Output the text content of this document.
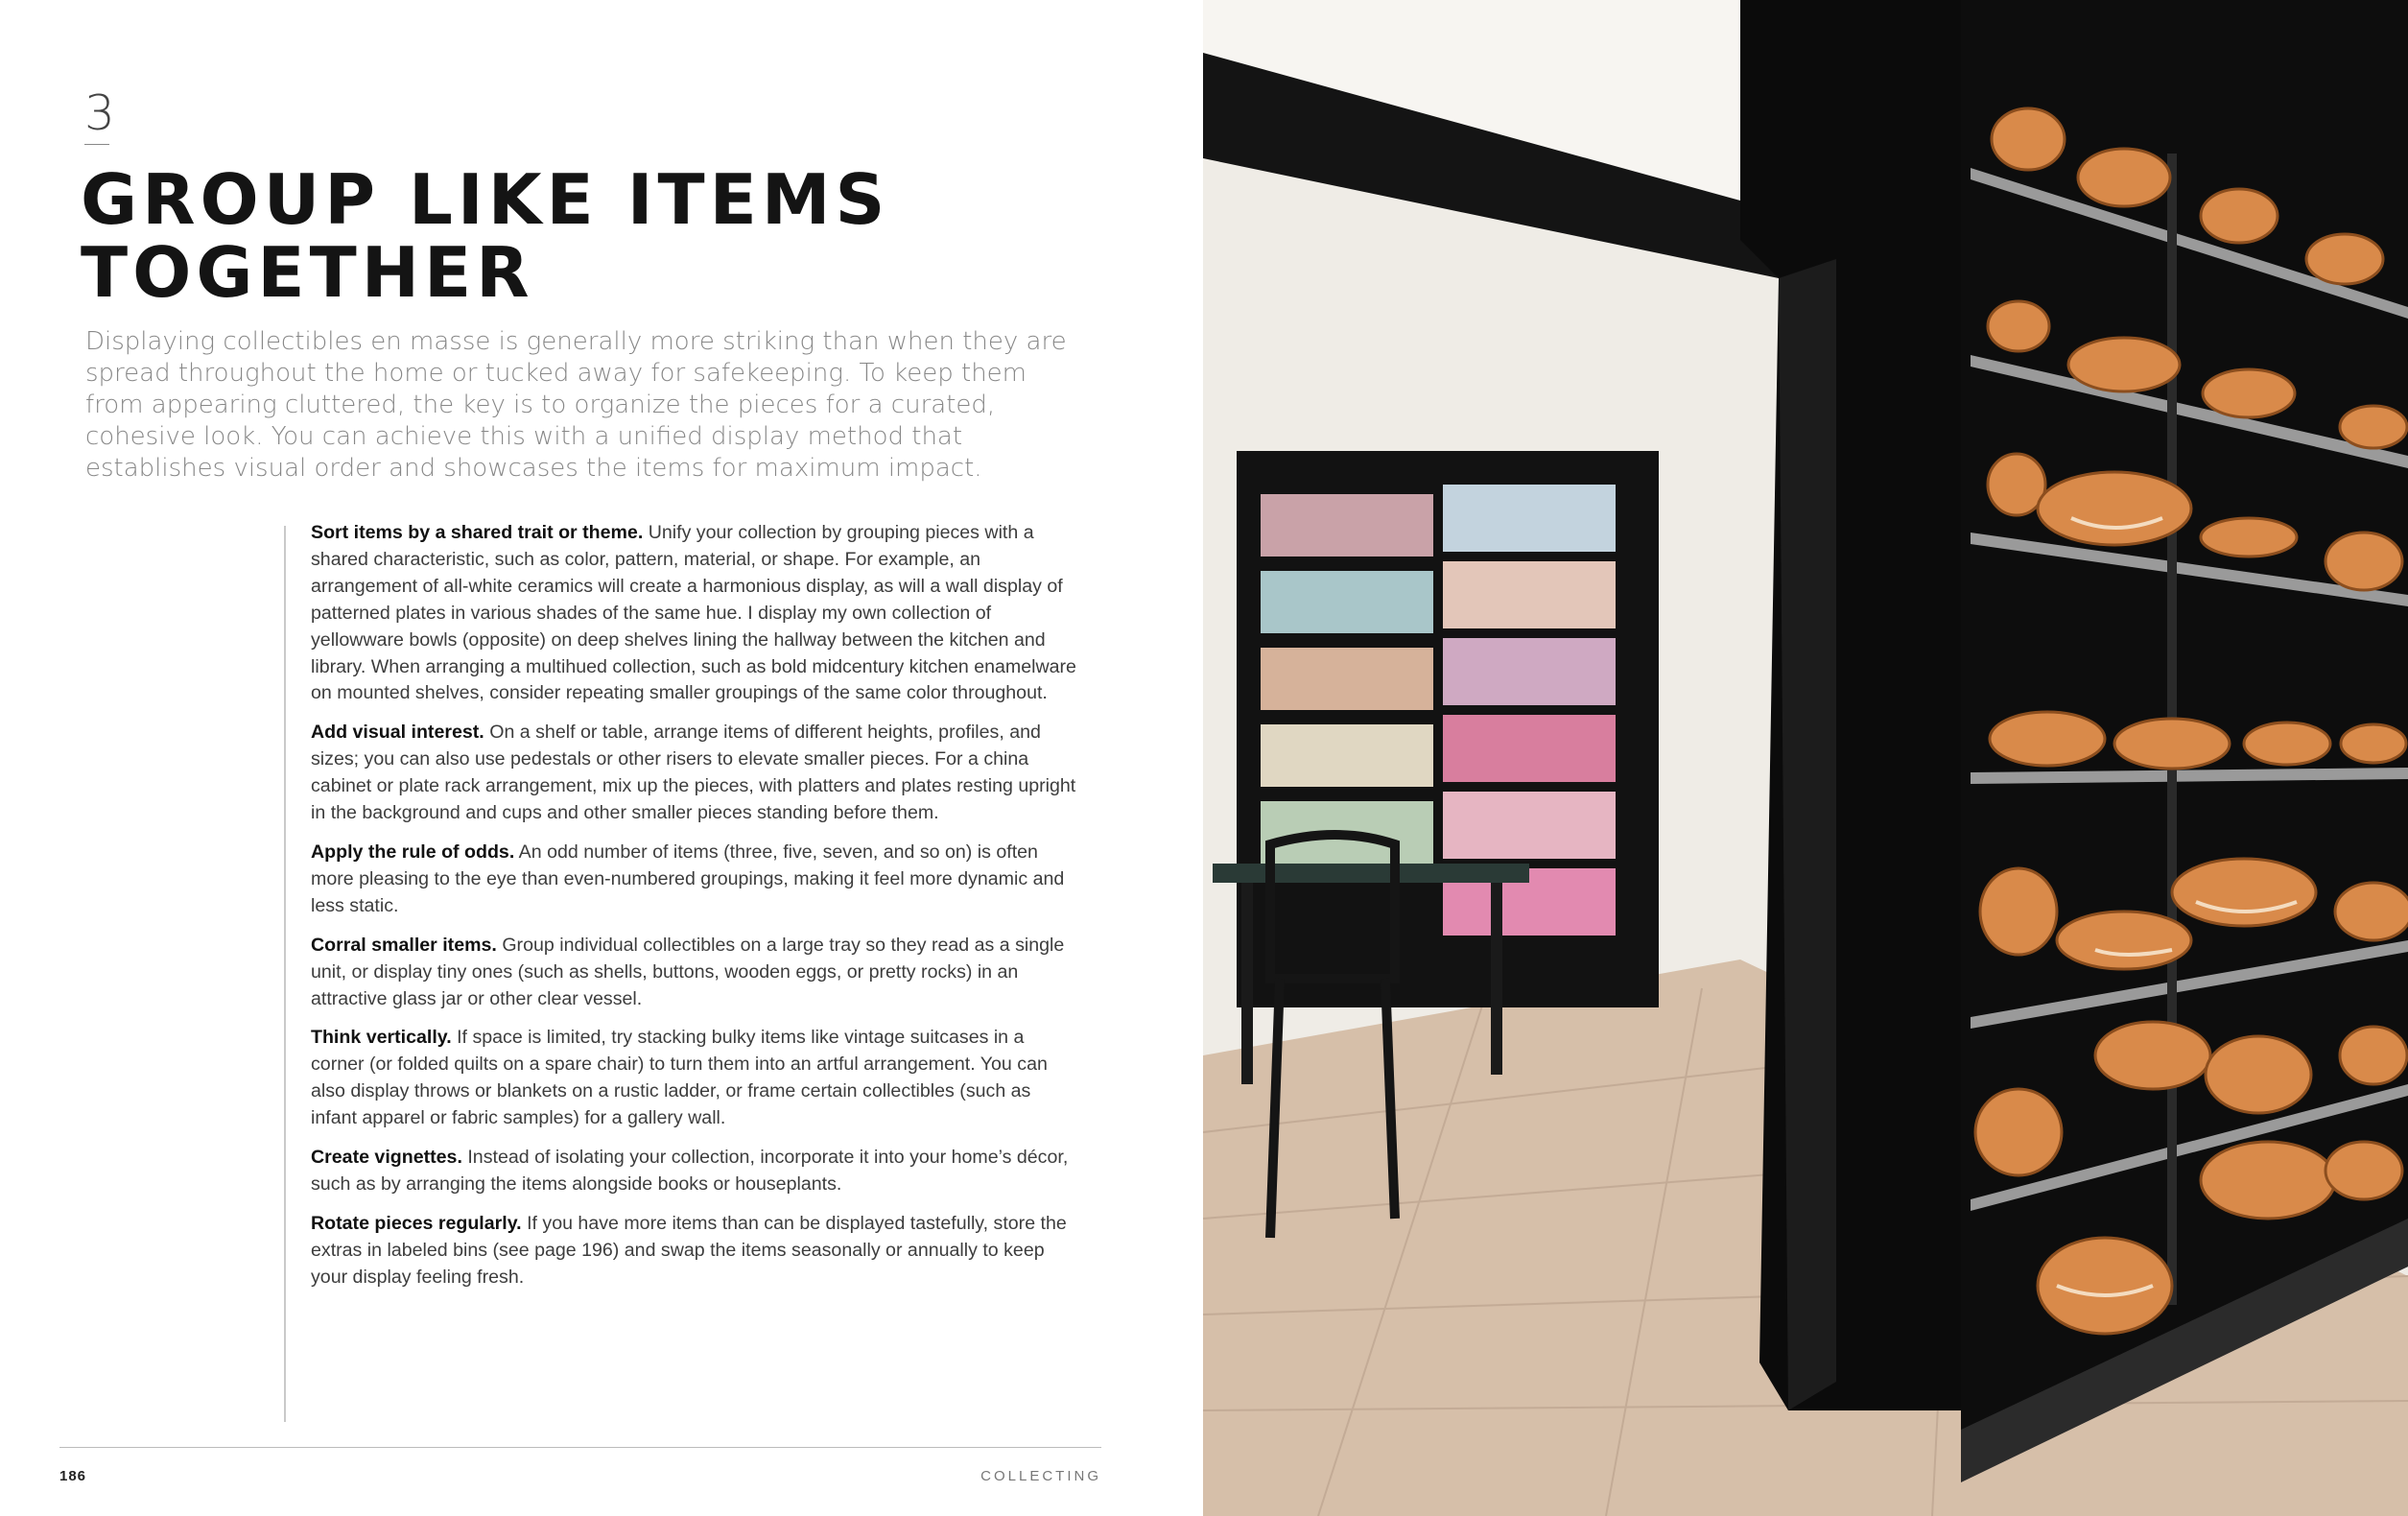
3
GROUP LIKE ITEMS
TOGETHER

Displaying collectibles en masse is generally more striking than when they are spread throughout the home or tucked away for safekeeping. To keep them from appearing cluttered, the key is to organize the pieces for a curated, cohesive look. You can achieve this with a unified display method that establishes visual order and showcases the items for maximum impact.

Sort items by a shared trait or theme. Unify your collection by grouping pieces with a shared characteristic, such as color, pattern, material, or shape. For example, an arrangement of all-white ceramics will create a harmonious display, as will a wall display of patterned plates in various shades of the same hue. I display my own collection of yellowware bowls (opposite) on deep shelves lining the hallway between the kitchen and library. When arranging a multihued collection, such as bold midcentury kitchen enamelware on mounted shelves, consider repeating smaller groupings of the same color throughout.

Add visual interest. On a shelf or table, arrange items of different heights, profiles, and sizes; you can also use pedestals or other risers to elevate smaller pieces. For a china cabinet or plate rack arrangement, mix up the pieces, with platters and plates resting upright in the background and cups and other smaller pieces standing before them.

Apply the rule of odds. An odd number of items (three, five, seven, and so on) is often more pleasing to the eye than even-numbered groupings, making it feel more dynamic and less static.

Corral smaller items. Group individual collectibles on a large tray so they read as a single unit, or display tiny ones (such as shells, buttons, wooden eggs, or pretty rocks) in an attractive glass jar or other clear vessel.

Think vertically. If space is limited, try stacking bulky items like vintage suitcases in a corner (or folded quilts on a spare chair) to turn them into an artful arrangement. You can also display throws or blankets on a rustic ladder, or frame certain collectibles (such as infant apparel or fabric samples) for a gallery wall.

Create vignettes. Instead of isolating your collection, incorporate it into your home’s décor, such as by arranging the items alongside books or houseplants.

Rotate pieces regularly. If you have more items than can be displayed tastefully, store the extras in labeled bins (see page 196) and swap the items seasonally or annually to keep your display feeling fresh.

186	COLLECTING
